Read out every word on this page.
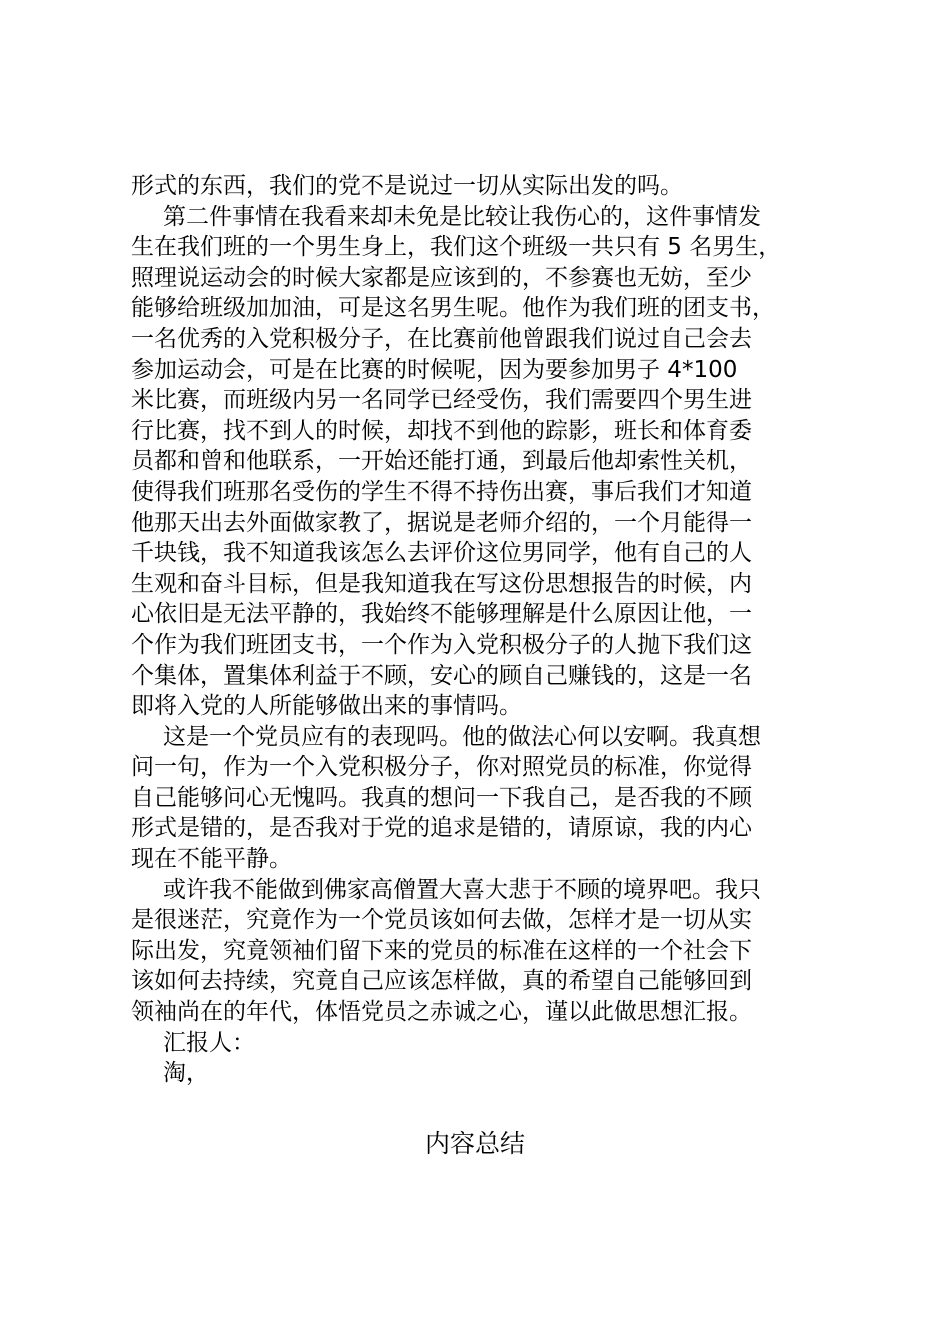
形式的东西，我们的党不是说过一切从实际出发的吗。
第二件事情在我看来却未免是比较让我伤心的，这件事情发
生在我们班的一个男生身上，我们这个班级一共只有 5 名男生，
照理说运动会的时候大家都是应该到的，不参赛也无妨，至少
能够给班级加加油，可是这名男生呢。他作为我们班的团支书，
一名优秀的入党积极分子，在比赛前他曾跟我们说过自己会去
参加运动会，可是在比赛的时候呢，因为要参加男子 4*100
米比赛，而班级内另一名同学已经受伤，我们需要四个男生进
行比赛，找不到人的时候，却找不到他的踪影，班长和体育委
员都和曾和他联系，一开始还能打通，到最后他却索性关机，
使得我们班那名受伤的学生不得不持伤出赛，事后我们才知道
他那天出去外面做家教了，据说是老师介绍的，一个月能得一
千块钱，我不知道我该怎么去评价这位男同学，他有自己的人
生观和奋斗目标，但是我知道我在写这份思想报告的时候，内
心依旧是无法平静的，我始终不能够理解是什么原因让他，一
个作为我们班团支书，一个作为入党积极分子的人抛下我们这
个集体，置集体利益于不顾，安心的顾自己赚钱的，这是一名
即将入党的人所能够做出来的事情吗。
这是一个党员应有的表现吗。他的做法心何以安啊。我真想
问一句，作为一个入党积极分子，你对照党员的标准，你觉得
自己能够问心无愧吗。我真的想问一下我自己，是否我的不顾
形式是错的，是否我对于党的追求是错的，请原谅，我的内心
现在不能平静。
或许我不能做到佛家高僧置大喜大悲于不顾的境界吧。我只
是很迷茫，究竟作为一个党员该如何去做，怎样才是一切从实
际出发，究竟领袖们留下来的党员的标准在这样的一个社会下
该如何去持续，究竟自己应该怎样做，真的希望自己能够回到
领袖尚在的年代，体悟党员之赤诚之心，谨以此做思想汇报。
汇报人：
淘，
内容总结
